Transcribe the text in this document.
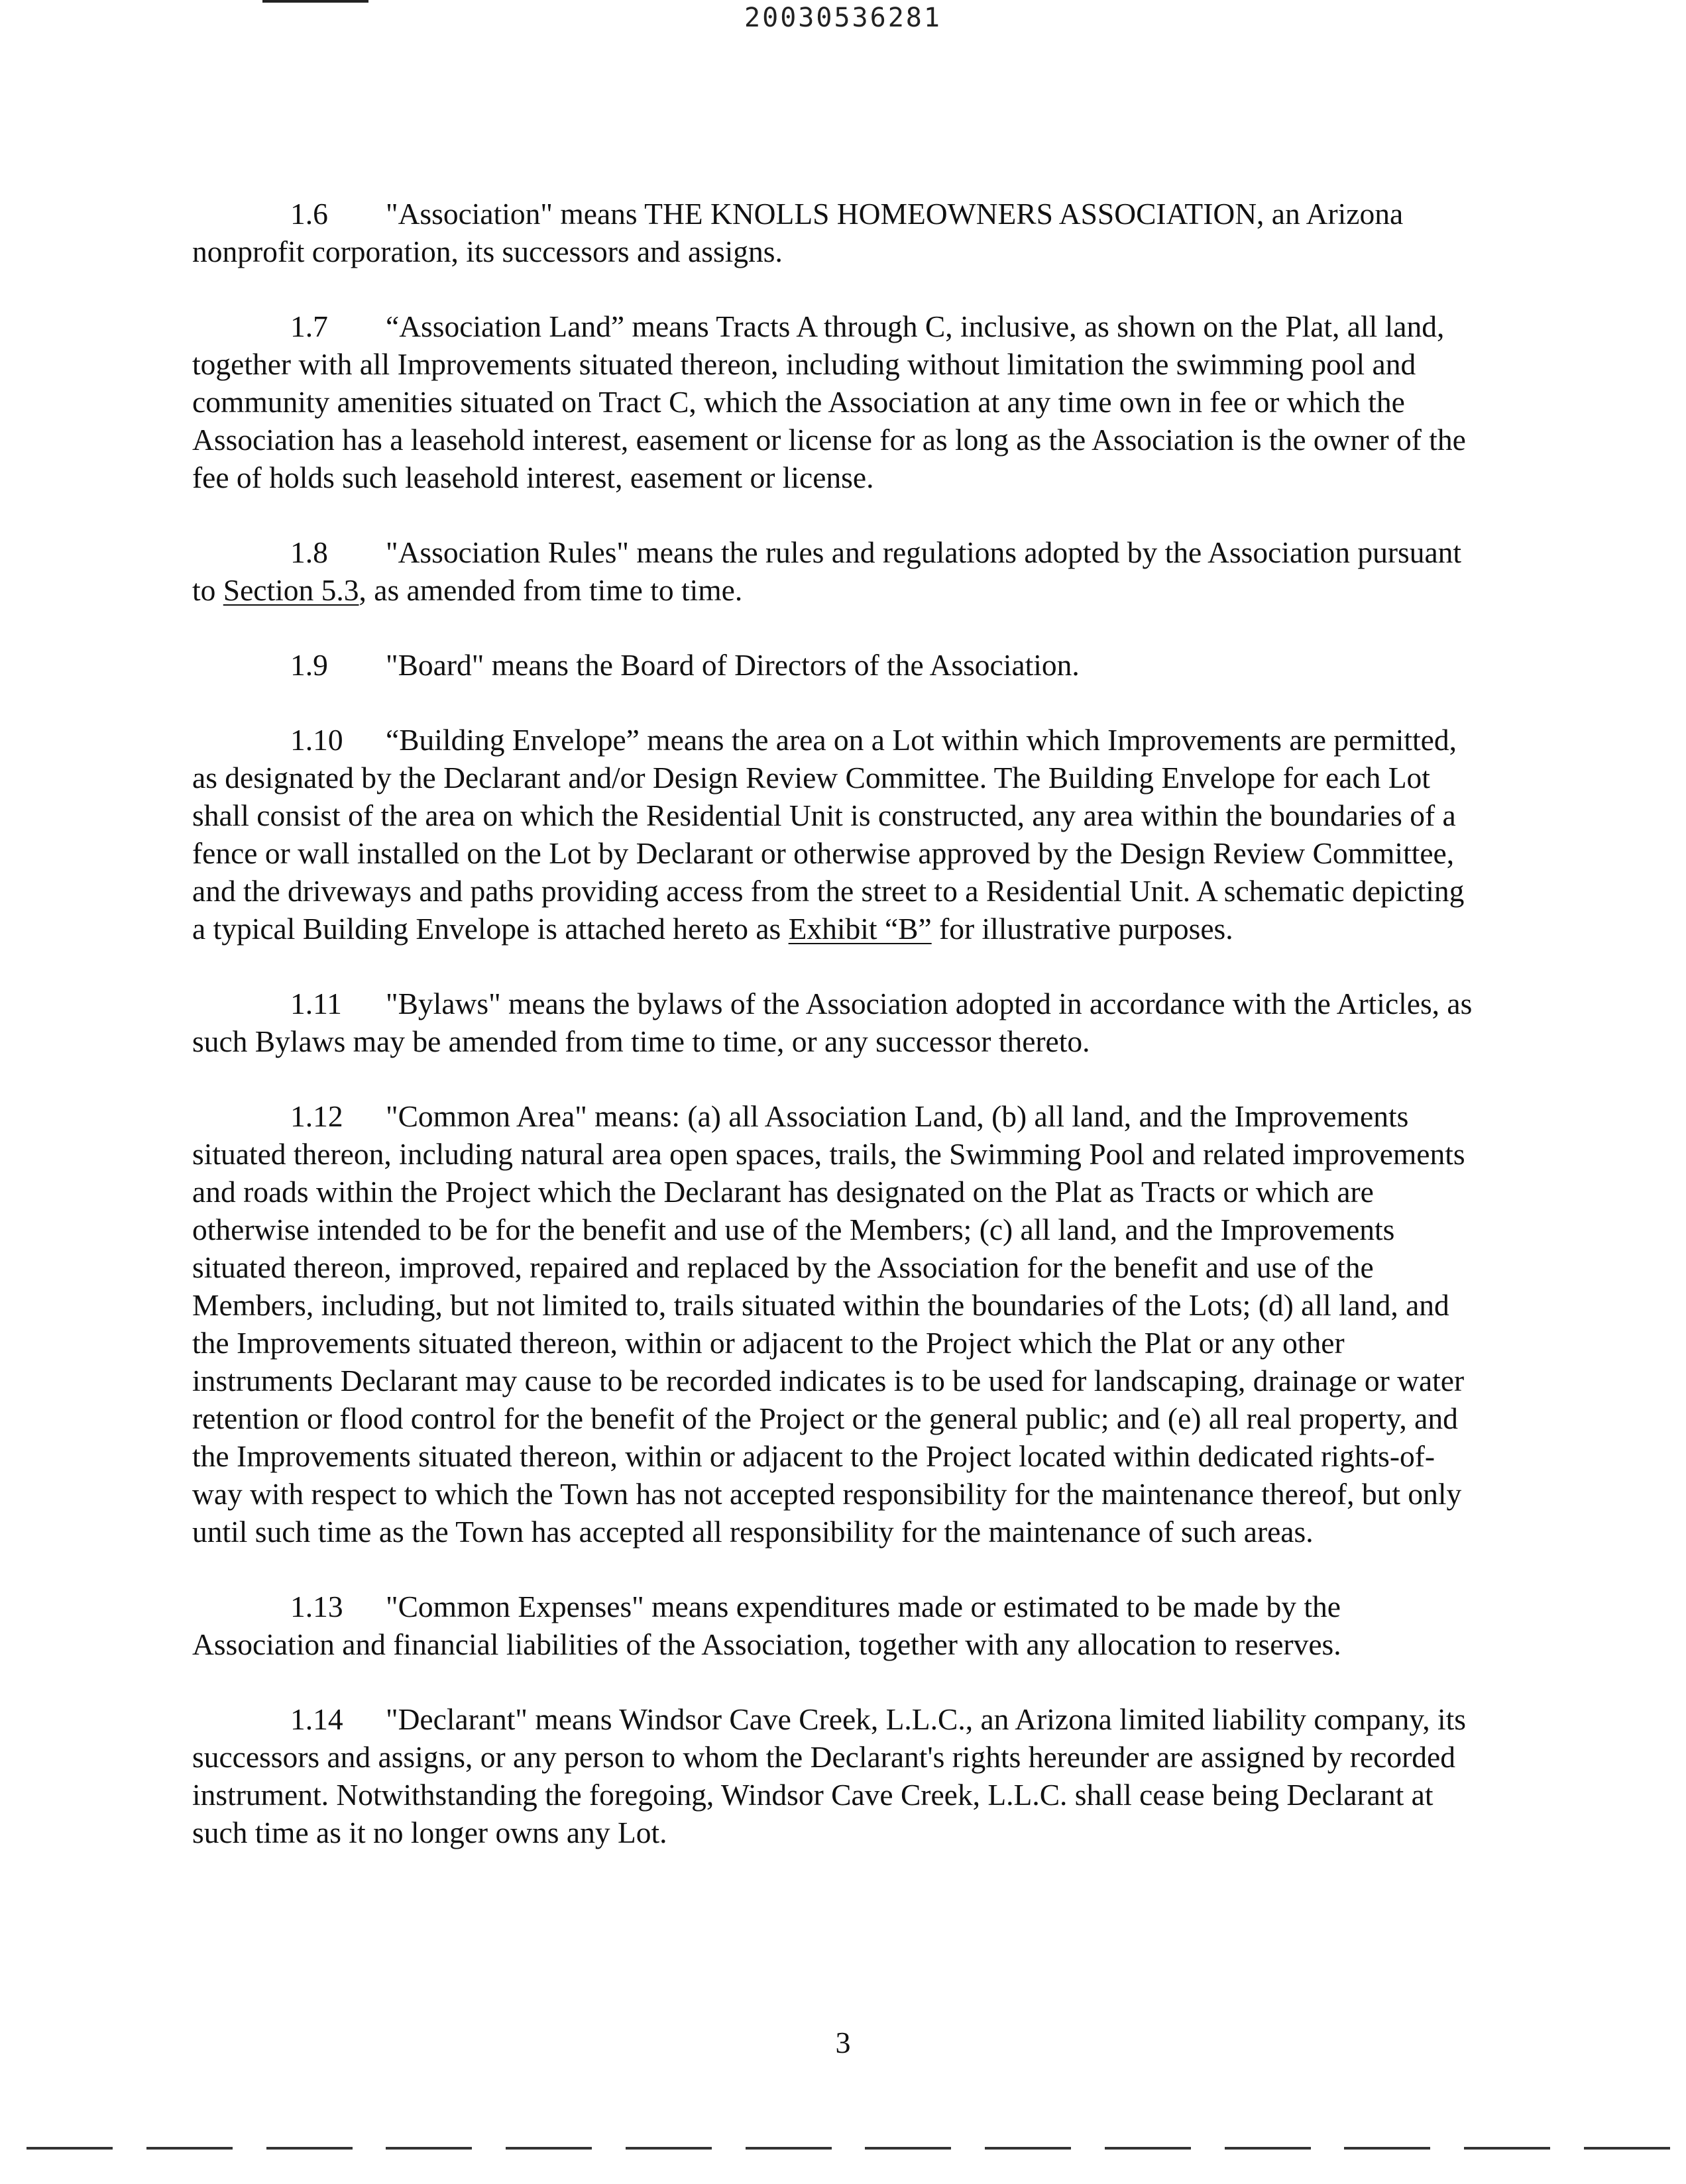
20030536281

1.6 "Association" means THE KNOLLS HOMEOWNERS ASSOCIATION, an Arizona nonprofit corporation, its successors and assigns.

1.7 “Association Land” means Tracts A through C, inclusive, as shown on the Plat, all land, together with all Improvements situated thereon, including without limitation the swimming pool and community amenities situated on Tract C, which the Association at any time own in fee or which the Association has a leasehold interest, easement or license for as long as the Association is the owner of the fee of holds such leasehold interest, easement or license.

1.8 "Association Rules" means the rules and regulations adopted by the Association pursuant to Section 5.3, as amended from time to time.

1.9 "Board" means the Board of Directors of the Association.

1.10 “Building Envelope” means the area on a Lot within which Improvements are permitted, as designated by the Declarant and/or Design Review Committee. The Building Envelope for each Lot shall consist of the area on which the Residential Unit is constructed, any area within the boundaries of a fence or wall installed on the Lot by Declarant or otherwise approved by the Design Review Committee, and the driveways and paths providing access from the street to a Residential Unit. A schematic depicting a typical Building Envelope is attached hereto as Exhibit “B” for illustrative purposes.

1.11 "Bylaws" means the bylaws of the Association adopted in accordance with the Articles, as such Bylaws may be amended from time to time, or any successor thereto.

1.12 "Common Area" means: (a) all Association Land, (b) all land, and the Improvements situated thereon, including natural area open spaces, trails, the Swimming Pool and related improvements and roads within the Project which the Declarant has designated on the Plat as Tracts or which are otherwise intended to be for the benefit and use of the Members; (c) all land, and the Improvements situated thereon, improved, repaired and replaced by the Association for the benefit and use of the Members, including, but not limited to, trails situated within the boundaries of the Lots; (d) all land, and the Improvements situated thereon, within or adjacent to the Project which the Plat or any other instruments Declarant may cause to be recorded indicates is to be used for landscaping, drainage or water retention or flood control for the benefit of the Project or the general public; and (e) all real property, and the Improvements situated thereon, within or adjacent to the Project located within dedicated rights-of-way with respect to which the Town has not accepted responsibility for the maintenance thereof, but only until such time as the Town has accepted all responsibility for the maintenance of such areas.

1.13 "Common Expenses" means expenditures made or estimated to be made by the Association and financial liabilities of the Association, together with any allocation to reserves.

1.14 "Declarant" means Windsor Cave Creek, L.L.C., an Arizona limited liability company, its successors and assigns, or any person to whom the Declarant's rights hereunder are assigned by recorded instrument. Notwithstanding the foregoing, Windsor Cave Creek, L.L.C. shall cease being Declarant at such time as it no longer owns any Lot.

3
